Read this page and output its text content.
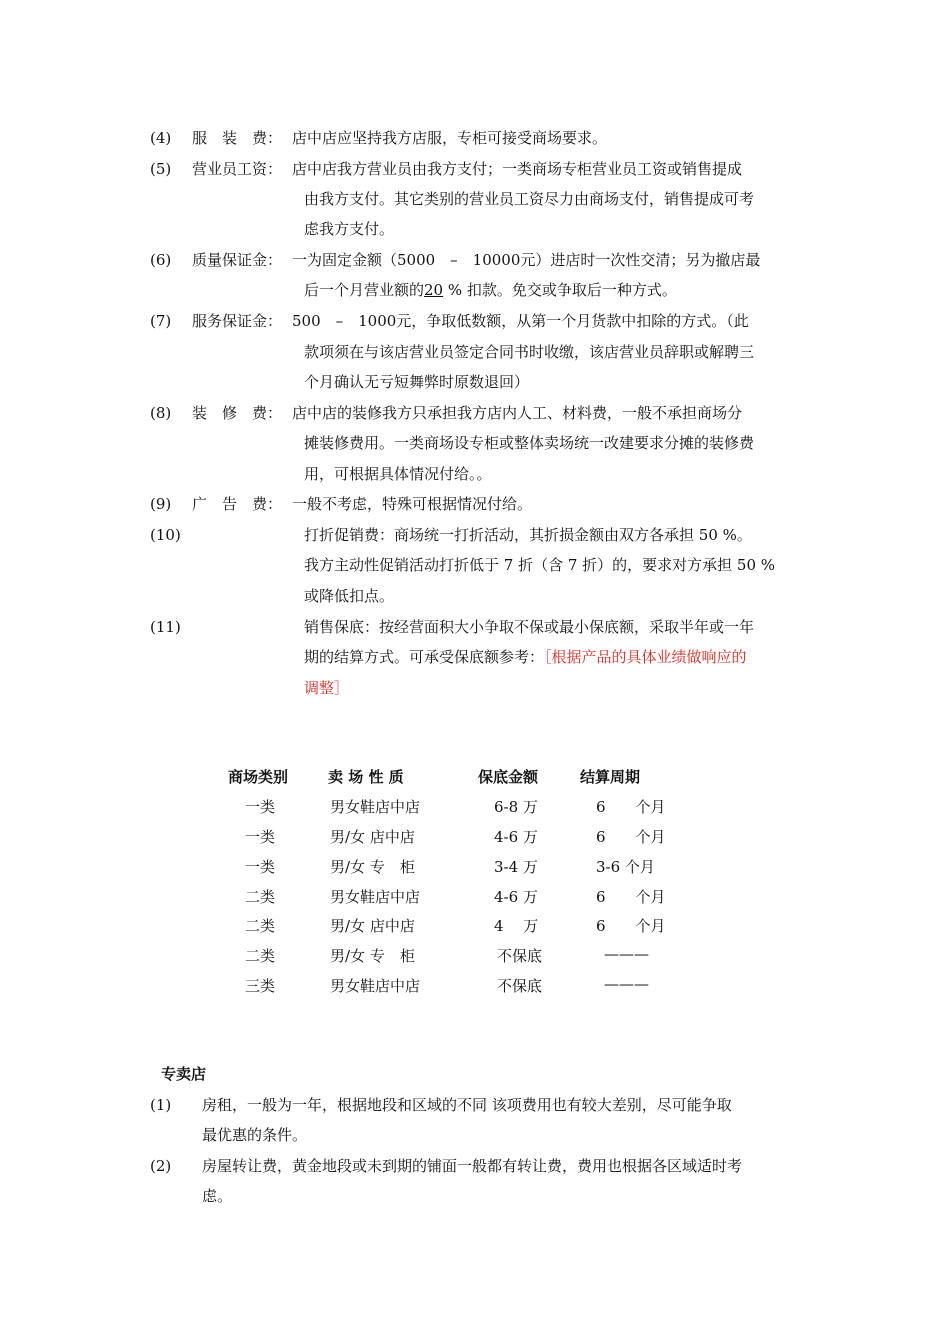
(4) 服　装　费： 店中店应坚持我方店服，专柜可接受商场要求。
(5) 营业员工资： 店中店我方营业员由我方支付；一类商场专柜营业员工资或销售提成
由我方支付。其它类别的营业员工资尽力由商场支付，销售提成可考
虑我方支付。
(6) 质量保证金： 一为固定金额（5000　–　10000元）进店时一次性交清；另为撤店最
后一个月营业额的20 % 扣款。免交或争取后一种方式。
(7) 服务保证金： 500　–　1000元，争取低数额，从第一个月货款中扣除的方式。（此
款项须在与该店营业员签定合同书时收缴，该店营业员辞职或解聘三
个月确认无亏短舞弊时原数退回）
(8) 装　修　费： 店中店的装修我方只承担我方店内人工、材料费，一般不承担商场分
摊装修费用。一类商场设专柜或整体卖场统一改建要求分摊的装修费
用，可根据具体情况付给。。
(9) 广　告　费： 一般不考虑，特殊可根据情况付给。
(10)	打折促销费：商场统一打折活动，其折损金额由双方各承担 50 %。
我方主动性促销活动打折低于 7 折（含 7 折）的，要求对方承担 50 %
或降低扣点。
(11)	销售保底：按经营面积大小争取不保或最小保底额，采取半年或一年
期的结算方式。可承受保底额参考：［根据产品的具体业绩做响应的
调整］
商场类别	卖 场 性 质	保底金额	结算周期
一类	男女鞋店中店	6-8 万	6　　个月
一类	男/女 店中店	4-6 万	6　　个月
一类	男/女 专　柜	3-4 万	3-6 个月
二类	男女鞋店中店	4-6 万	6　　个月
二类	男/女 店中店	4　 万	6　　个月
二类	男/女 专　柜	不保底	———
三类	男女鞋店中店	不保底	———
专卖店
(1) 房租，一般为一年，根据地段和区域的不同 该项费用也有较大差别，尽可能争取
最优惠的条件。
(2) 房屋转让费，黄金地段或未到期的铺面一般都有转让费，费用也根据各区域适时考
虑。
